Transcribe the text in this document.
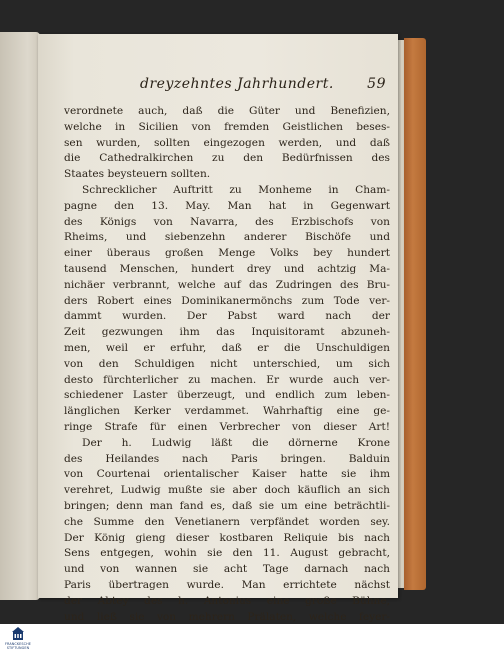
dreyzehntes Jahrhundert. 59
verordnete auch, daß die Güter und Benefizien,
welche in Sicilien von fremden Geistlichen beses-
sen wurden, sollten eingezogen werden, und daß
die Cathedralkirchen zu den Bedürfnissen des
Staates beysteuern sollten.
Schrecklicher Auftritt zu Monheme in Cham-
pagne den 13. May. Man hat in Gegenwart
des Königs von Navarra, des Erzbischofs von
Rheims, und siebenzehn anderer Bischöfe und
einer überaus großen Menge Volks bey hundert
tausend Menschen, hundert drey und achtzig Ma-
nichäer verbrannt, welche auf das Zudringen des Bru-
ders Robert eines Dominikanermönchs zum Tode ver-
dammt wurden. Der Pabst ward nach der
Zeit gezwungen ihm das Inquisitoramt abzuneh-
men, weil er erfuhr, daß er die Unschuldigen
von den Schuldigen nicht unterschied, um sich
desto fürchterlicher zu machen. Er wurde auch ver-
schiedener Laster überzeugt, und endlich zum leben-
länglichen Kerker verdammet. Wahrhaftig eine ge-
ringe Strafe für einen Verbrecher von dieser Art!
Der h. Ludwig läßt die dörnerne Krone
des Heilandes nach Paris bringen. Balduin
von Courtenai orientalischer Kaiser hatte sie ihm
verehret, Ludwig mußte sie aber doch käuflich an sich
bringen; denn man fand es, daß sie um eine beträchtli-
che Summe den Venetianern verpfändet worden sey.
Der König gieng dieser kostbaren Reliquie bis nach
Sens entgegen, wohin sie den 11. August gebracht,
und von wannen sie acht Tage darnach nach
Paris übertragen wurde. Man errichtete nächst
der Abtey des h. Antonius eine große Bühne,
und ließ sie von mehrern Prälaten, welche feyer-
FRANCKESCHE
STIFTUNGEN
